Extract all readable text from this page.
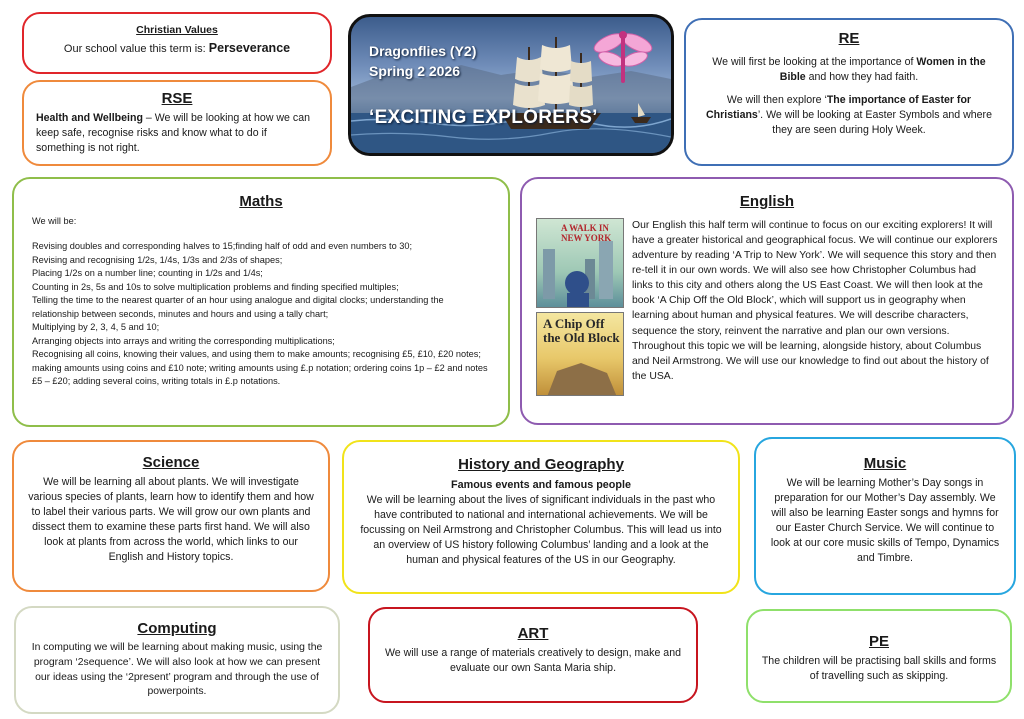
Christian Values
Our school value this term is: Perseverance
RSE

Health and Wellbeing – We will be looking at how we can keep safe, recognise risks and know what to do if something is not right.

Dragonflies (Y2)
Spring 2 2026
‘EXCITING EXPLORERS’
RE

We will first be looking at the importance of Women in the Bible and how they had faith.

We will then explore ‘The importance of Easter for Christians’. We will be looking at Easter Symbols and where they are seen during Holy Week.

Maths
We will be:
Revising doubles and corresponding halves to 15;finding half of odd and even numbers to 30;
Revising and recognising 1/2s, 1/4s, 1/3s and 2/3s of shapes;
Placing 1/2s on a number line; counting in 1/2s and 1/4s;
Counting in 2s, 5s and 10s to solve multiplication problems and finding specified multiples;
Telling the time to the nearest quarter of an hour using analogue and digital clocks; understanding the relationship between seconds, minutes and hours and using a tally chart;
Multiplying by 2, 3, 4, 5 and 10;
Arranging objects into arrays and writing the corresponding multiplications;
Recognising all coins, knowing their values, and using them to make amounts; recognising £5, £10, £20 notes; making amounts using coins and £10 note; writing amounts using £.p notation; ordering coins 1p – £2 and notes £5 – £20; adding several coins, writing totals in £.p notations.
English
A WALK IN NEW YORK
A Chip Off the Old Block

Our English this half term will continue to focus on our exciting explorers! It will have a greater historical and geographical focus. We will continue our explorers adventure by reading ‘A Trip to New York’. We will sequence this story and then re-tell it in our own words. We will also see how Christopher Columbus had links to this city and others along the US East Coast. We will then look at the book ‘A Chip Off the Old Block’, which will support us in geography when learning about human and physical features. We will describe characters, sequence the story, reinvent the narrative and plan our own versions. Throughout this topic we will be learning, alongside history, about Columbus and Neil Armstrong. We will use our knowledge to find out about the history of the USA.

Science

We will be learning all about plants. We will investigate various species of plants, learn how to identify them and how to label their various parts. We will grow our own plants and dissect them to examine these parts first hand. We will also look at plants from across the world, which links to our English and History topics.

History and Geography
Famous events and famous people

We will be learning about the lives of significant individuals in the past who have contributed to national and international achievements. We will be focussing on Neil Armstrong and Christopher Columbus. This will lead us into an overview of US history following Columbus’ landing and a look at the human and physical features of the US in our Geography.

Music

We will be learning Mother’s Day songs in preparation for our Mother’s Day assembly. We will also be learning Easter songs and hymns for our Easter Church Service. We will continue to look at our core music skills of Tempo, Dynamics and Timbre.

Computing

In computing we will be learning about making music, using the program ‘2sequence’. We will also look at how we can present our ideas using the ‘2present’ program and through the use of powerpoints.

ART

We will use a range of materials creatively to design, make and evaluate our own Santa Maria ship.

PE

The children will be practising ball skills and forms of travelling such as skipping.
